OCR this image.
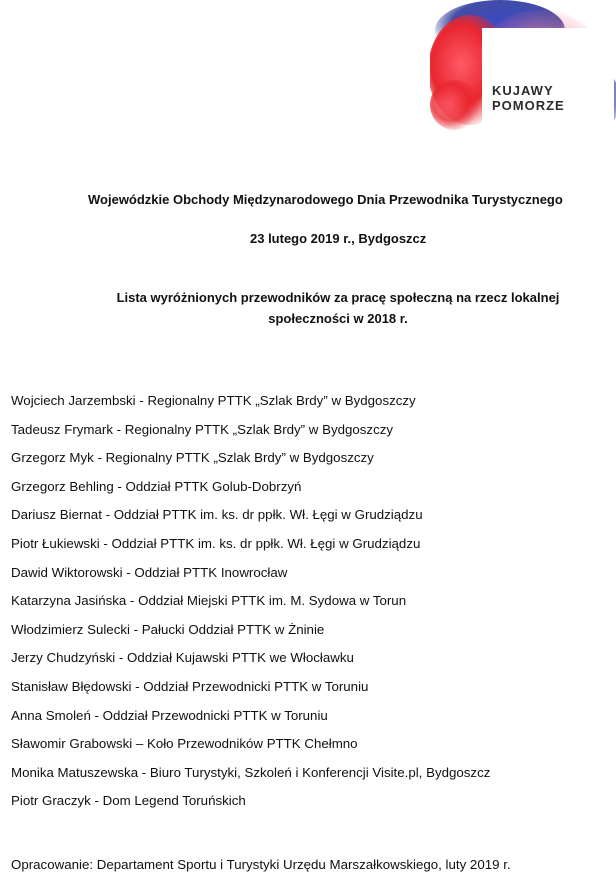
KUJAWY
POMORZE
Wojewódzkie Obchody Międzynarodowego Dnia Przewodnika Turystycznego
23 lutego 2019 r., Bydgoszcz
Lista wyróżnionych przewodników za pracę społeczną na rzecz lokalnej
społeczności w 2018 r.
Wojciech Jarzembski - Regionalny PTTK „Szlak Brdy” w Bydgoszczy
Tadeusz Frymark - Regionalny PTTK „Szlak Brdy” w Bydgoszczy
Grzegorz Myk - Regionalny PTTK „Szlak Brdy” w Bydgoszczy
Grzegorz Behling - Oddział PTTK Golub-Dobrzyń
Dariusz Biernat - Oddział PTTK im. ks. dr ppłk. Wł. Łęgi w Grudziądzu
Piotr Łukiewski - Oddział PTTK im. ks. dr ppłk. Wł. Łęgi w Grudziądzu
Dawid Wiktorowski - Oddział PTTK Inowrocław
Katarzyna Jasińska - Oddział Miejski PTTK im. M. Sydowa w Torun
Włodzimierz Sulecki - Pałucki Oddział PTTK w Żninie
Jerzy Chudzyński - Oddział Kujawski PTTK we Włocławku
Stanisław Błędowski - Oddział Przewodnicki PTTK w Toruniu
Anna Smoleń - Oddział Przewodnicki PTTK w Toruniu
Sławomir Grabowski – Koło Przewodników PTTK Chełmno
Monika Matuszewska - Biuro Turystyki, Szkoleń i Konferencji Visite.pl, Bydgoszcz
Piotr Graczyk - Dom Legend Toruńskich
Opracowanie: Departament Sportu i Turystyki Urzędu Marszałkowskiego, luty 2019 r.
